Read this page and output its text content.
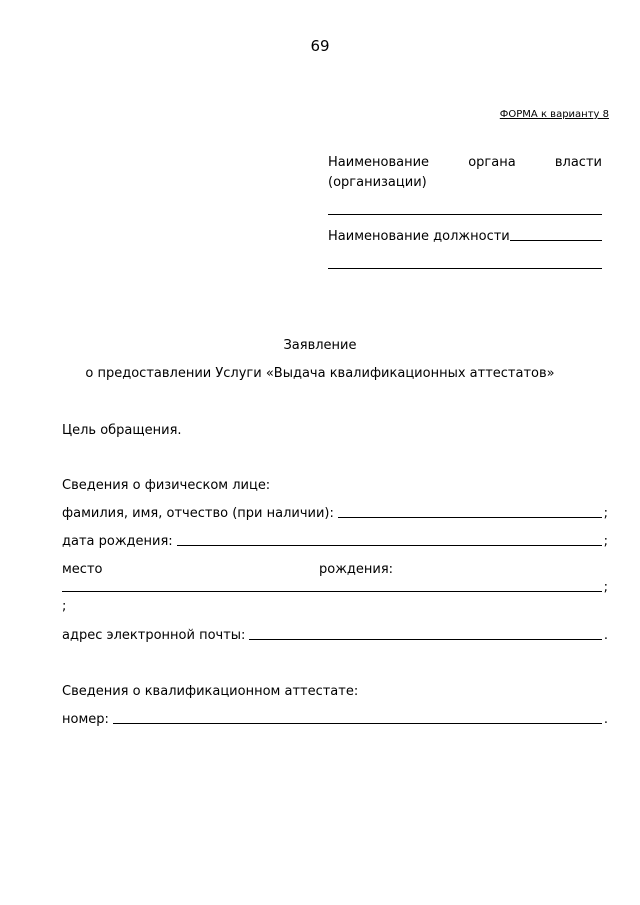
69
ФОРМА к варианту 8
Наименование	органа	власти
(организации)
Наименование должности
Заявление
о предоставлении Услуги «Выдача квалификационных аттестатов»
Цель обращения.
Сведения о физическом лице:
фамилия, имя, отчество (при наличии):	;
дата рождения:	;
место	рождения:
;
;
адрес электронной почты:	.
Сведения о квалификационном аттестате:
номер:	.
